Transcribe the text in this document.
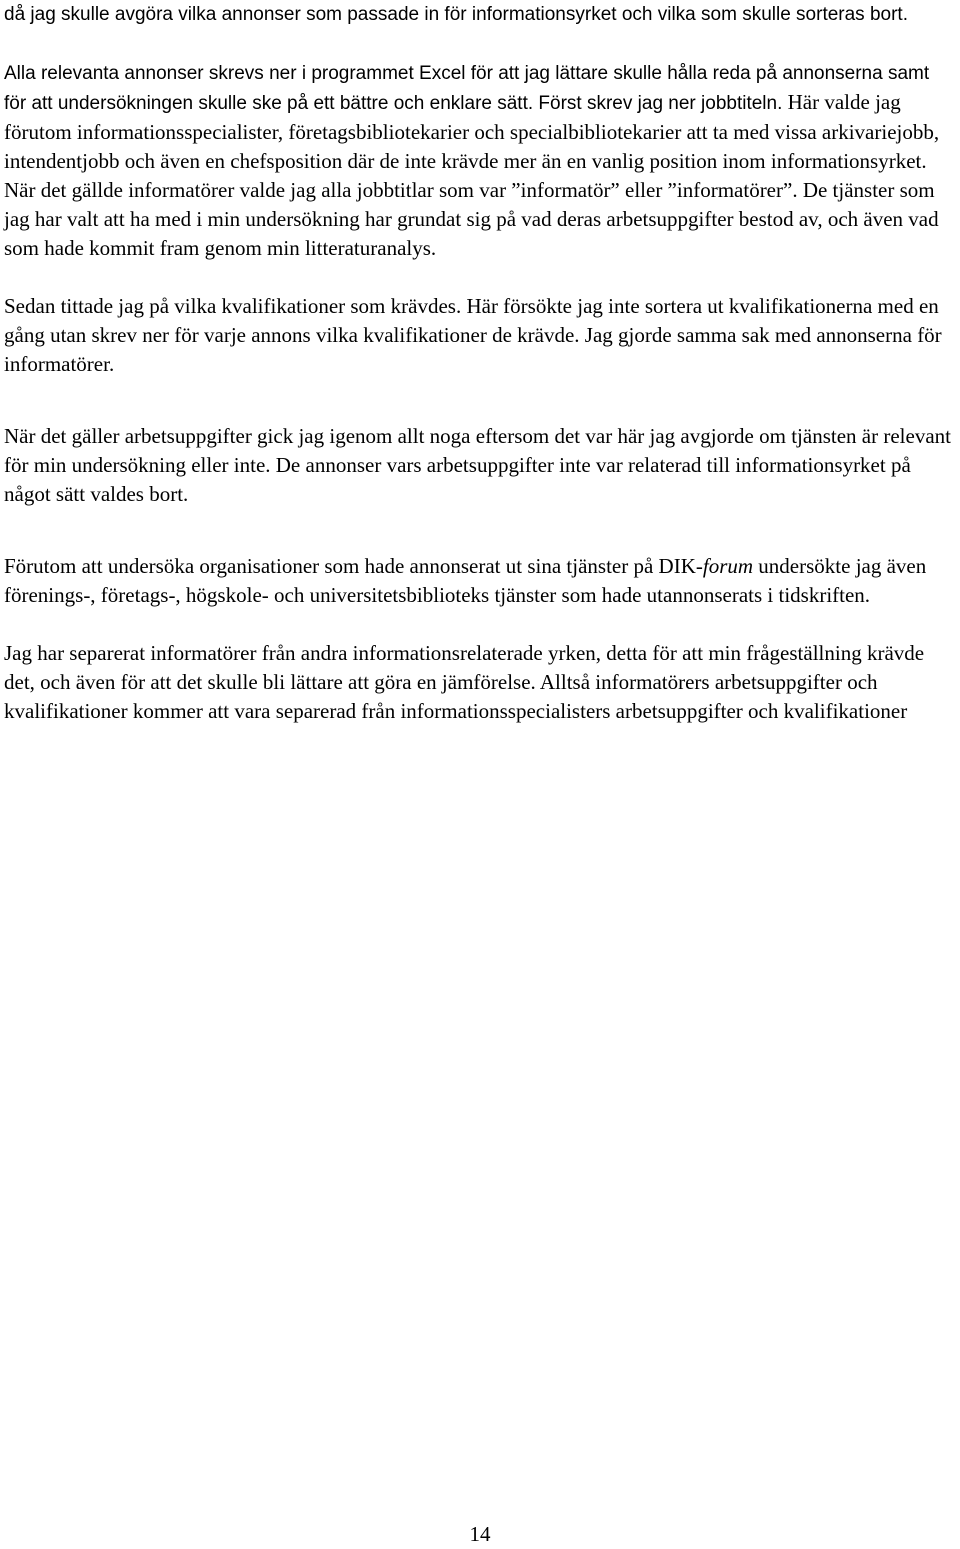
då jag skulle avgöra vilka annonser som passade in för informationsyrket och vilka som skulle sorteras bort.

Alla relevanta annonser skrevs ner i programmet Excel för att jag lättare skulle hålla reda på annonserna samt för att undersökningen skulle ske på ett bättre och enklare sätt. Först skrev jag ner jobbtiteln. Här valde jag förutom informationsspecialister, företagsbibliotekarier och specialbibliotekarier att ta med vissa arkivariejobb, intendentjobb och även en chefsposition där de inte krävde mer än en vanlig position inom informationsyrket. När det gällde informatörer valde jag alla jobbtitlar som var ”informatör” eller ”informatörer”. De tjänster som jag har valt att ha med i min undersökning har grundat sig på vad deras arbetsuppgifter bestod av, och även vad som hade kommit fram genom min litteraturanalys.

Sedan tittade jag på vilka kvalifikationer som krävdes. Här försökte jag inte sortera ut kvalifikationerna med en gång utan skrev ner för varje annons vilka kvalifikationer de krävde. Jag gjorde samma sak med annonserna för informatörer.

När det gäller arbetsuppgifter gick jag igenom allt noga eftersom det var här jag avgjorde om tjänsten är relevant för min undersökning eller inte. De annonser vars arbetsuppgifter inte var relaterad till informationsyrket på något sätt valdes bort.

Förutom att undersöka organisationer som hade annonserat ut sina tjänster på DIK-forum undersökte jag även förenings-, företags-, högskole- och universitetsbiblioteks tjänster som hade utannonserats i tidskriften.

Jag har separerat informatörer från andra informationsrelaterade yrken, detta för att min frågeställning krävde det, och även för att det skulle bli lättare att göra en jämförelse. Alltså informatörers arbetsuppgifter och kvalifikationer kommer att vara separerad från informationsspecialisters arbetsuppgifter och kvalifikationer

14
